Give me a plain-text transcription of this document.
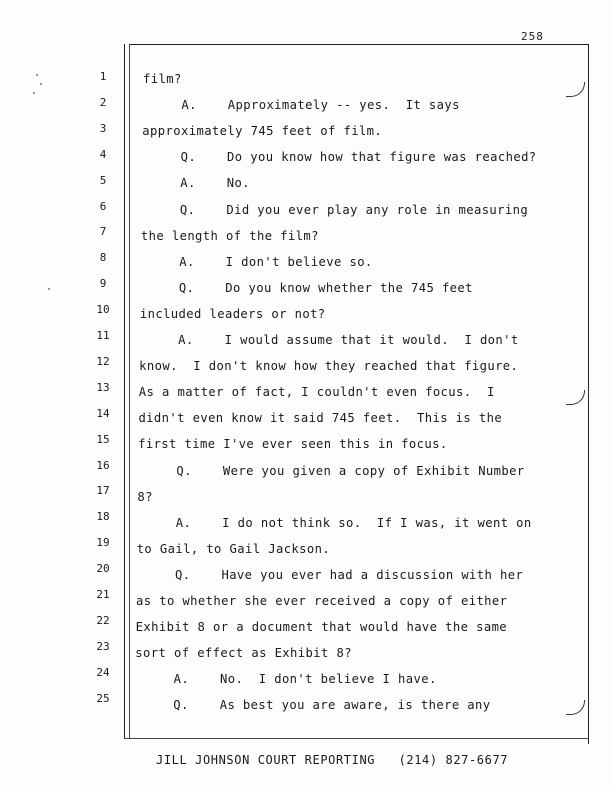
258
1
2
3
4
5
6
7
8
9
10
11
12
13
14
15
16
17
18
19
20
21
22
23
24
25
film?
A.    Approximately -- yes.  It says
approximately 745 feet of film.
Q.    Do you know how that figure was reached?
A.    No.
Q.    Did you ever play any role in measuring
the length of the film?
A.    I don't believe so.
Q.    Do you know whether the 745 feet
included leaders or not?
A.    I would assume that it would.  I don't
know.  I don't know how they reached that figure.
As a matter of fact, I couldn't even focus.  I
didn't even know it said 745 feet.  This is the
first time I've ever seen this in focus.
Q.    Were you given a copy of Exhibit Number
8?
A.    I do not think so.  If I was, it went on
to Gail, to Gail Jackson.
Q.    Have you ever had a discussion with her
as to whether she ever received a copy of either
Exhibit 8 or a document that would have the same
sort of effect as Exhibit 8?
A.    No.  I don't believe I have.
Q.    As best you are aware, is there any
JILL JOHNSON COURT REPORTING   (214) 827-6677
